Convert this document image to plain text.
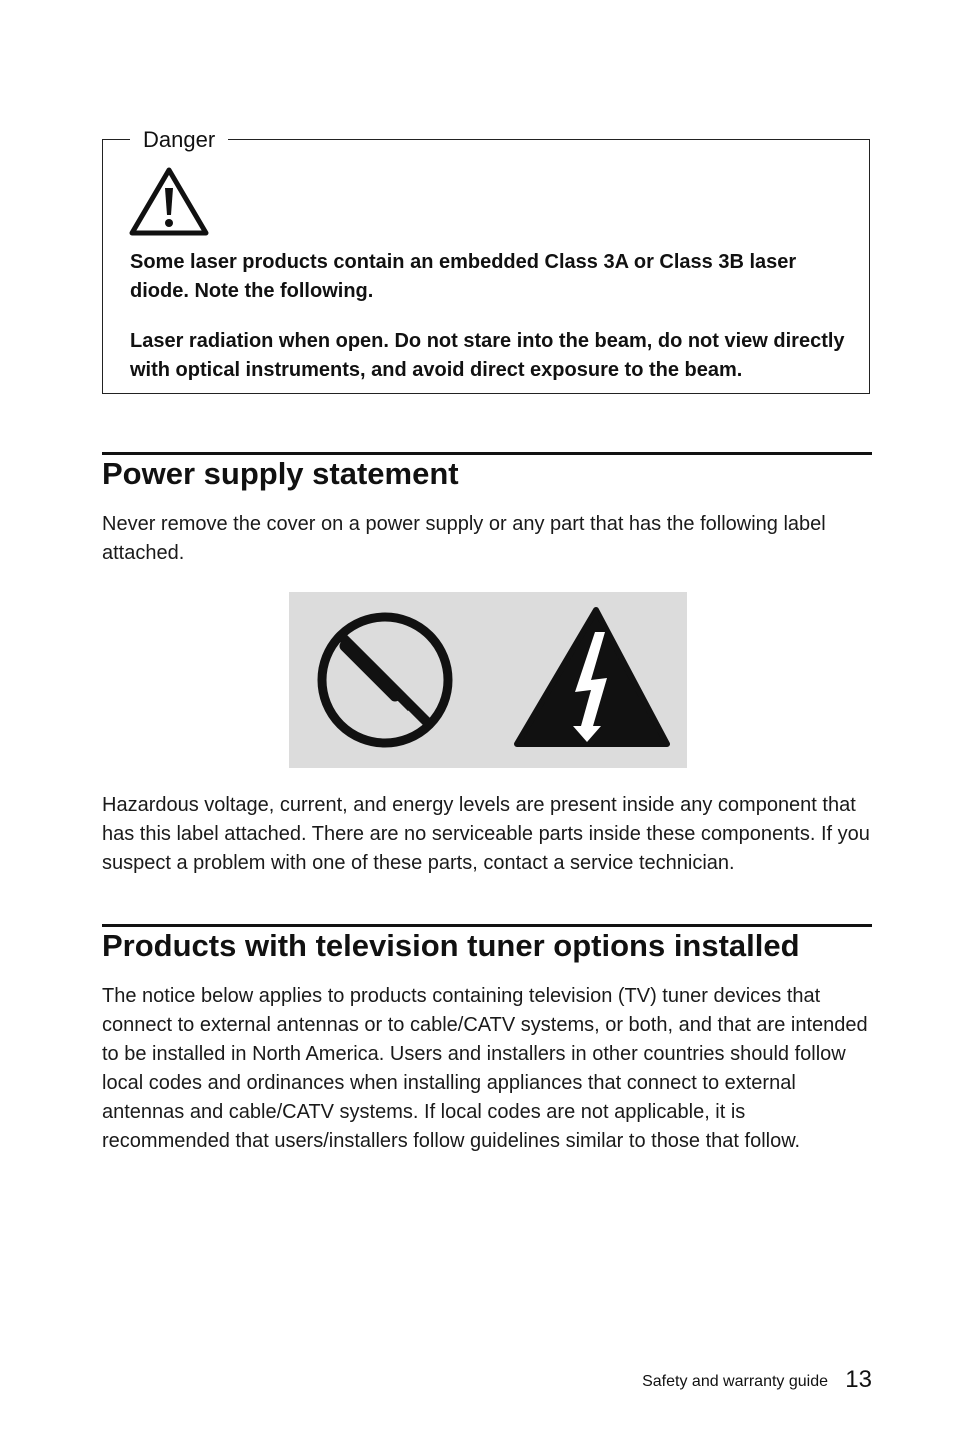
Danger

Some laser products contain an embedded Class 3A or Class 3B laser diode. Note the following.

Laser radiation when open. Do not stare into the beam, do not view directly with optical instruments, and avoid direct exposure to the beam.

Power supply statement

Never remove the cover on a power supply or any part that has the following label attached.

Hazardous voltage, current, and energy levels are present inside any component that has this label attached. There are no serviceable parts inside these components. If you suspect a problem with one of these parts, contact a service technician.

Products with television tuner options installed

The notice below applies to products containing television (TV) tuner devices that connect to external antennas or to cable/CATV systems, or both, and that are intended to be installed in North America. Users and installers in other countries should follow local codes and ordinances when installing appliances that connect to external antennas and cable/CATV systems. If local codes are not applicable, it is recommended that users/installers follow guidelines similar to those that follow.

Safety and warranty guide 13
